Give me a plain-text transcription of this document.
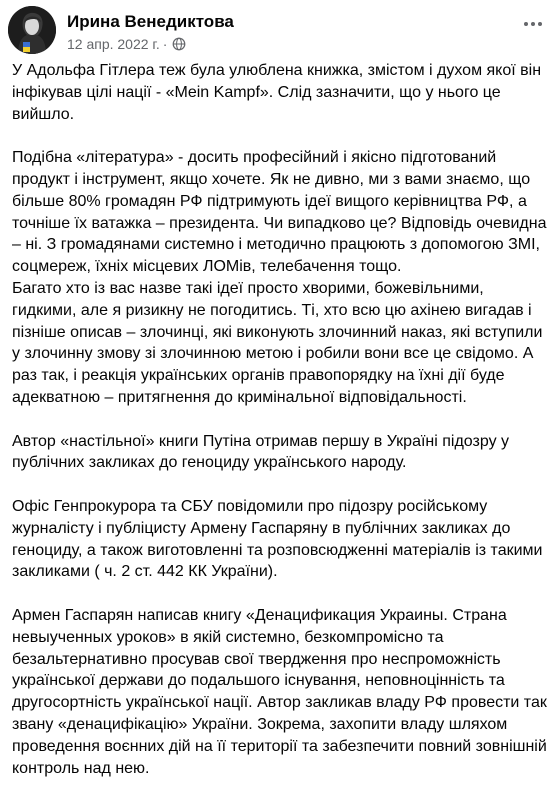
Ирина Венедиктова
12 апр. 2022 г. ·

У Адольфа Гітлера теж була улюблена книжка, змістом і духом якої він інфікував цілі нації - «Mein Kampf». Слід зазначити, що у нього це вийшло.

Подібна «література» - досить професійний і якісно підготований продукт і інструмент, якщо хочете. Як не дивно, ми з вами знаємо, що більше 80% громадян РФ підтримують ідеї вищого керівництва РФ, а точніше їх ватажка – президента. Чи випадково це? Відповідь очевидна – ні. З громадянами системно і методично працюють з допомогою ЗМІ, соцмереж, їхніх місцевих ЛОМів, телебачення тощо.

Багато хто із вас назве такі ідеї просто хворими, божевільними, гидкими, але я ризикну не погодитись. Ті, хто всю цю ахінею вигадав і пізніше описав – злочинці, які виконують злочинний наказ, які вступили у злочинну змову зі злочинною метою і робили вони все це свідомо. А раз так, і реакція українських органів правопорядку на їхні дії буде адекватною – притягнення до кримінальної відповідальності.

Автор «настільної» книги Путіна отримав першу в Україні підозру у публічних закликах до геноциду українського народу.

Офіс Генпрокурора та СБУ повідомили про підозру російському журналісту і публіцисту Армену Гаспаряну в публічних закликах до геноциду, а також виготовленні та розповсюдженні матеріалів із такими закликами ( ч. 2 ст. 442 КК України).

Армен Гаспарян написав книгу «Денацификация Украины. Страна невыученных уроков» в якій системно, безкомпромісно та безальтернативно просував свої твердження про неспроможність української держави до подальшого існування, неповноцінність та другосортність української нації. Автор закликав владу РФ провести так звану «денацифікацію» України. Зокрема, захопити владу шляхом проведення воєнних дій на її території та забезпечити повний зовнішній контроль над нею.
